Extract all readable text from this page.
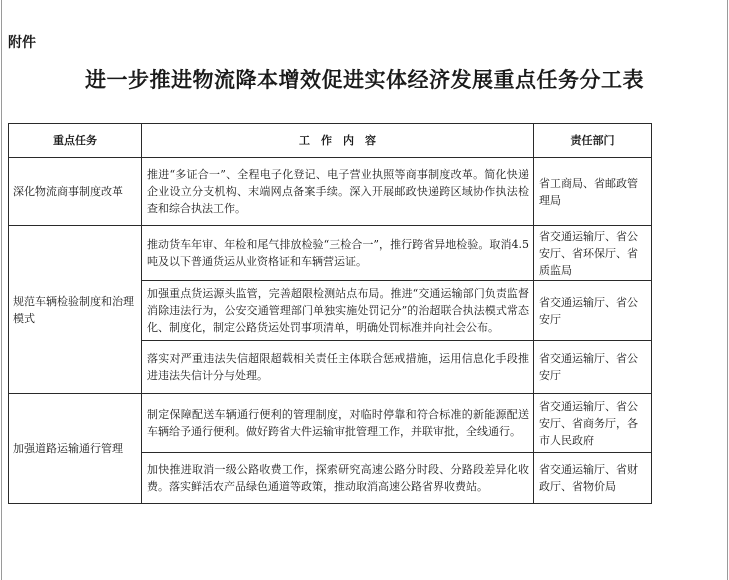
附件
进一步推进物流降本增效促进实体经济发展重点任务分工表
重点任务	工　作　内　容	责任部门
深化物流商事制度改革	推进“多证合一”、全程电子化登记、电子营业执照等商事制度改革。简化快递企业设立分支机构、末端网点备案手续。深入开展邮政快递跨区域协作执法检查和综合执法工作。	省工商局、省邮政管理局
规范车辆检验制度和治理模式	推动货车年审、年检和尾气排放检验“三检合一”，推行跨省异地检验。取消4.5吨及以下普通货运从业资格证和车辆营运证。	省交通运输厅、省公安厅、省环保厅、省质监局
	加强重点货运源头监管，完善超限检测站点布局。推进“交通运输部门负责监督消除违法行为，公安交通管理部门单独实施处罚记分”的治超联合执法模式常态化、制度化，制定公路货运处罚事项清单，明确处罚标准并向社会公布。	省交通运输厅、省公安厅
	落实对严重违法失信超限超载相关责任主体联合惩戒措施，运用信息化手段推进违法失信计分与处理。	省交通运输厅、省公安厅
加强道路运输通行管理	制定保障配送车辆通行便利的管理制度，对临时停靠和符合标准的新能源配送车辆给予通行便利。做好跨省大件运输审批管理工作，并联审批，全线通行。	省交通运输厅、省公安厅、省商务厅，各市人民政府
	加快推进取消一级公路收费工作，探索研究高速公路分时段、分路段差异化收费。落实鲜活农产品绿色通道等政策，推动取消高速公路省界收费站。	省交通运输厅、省财政厅、省物价局
